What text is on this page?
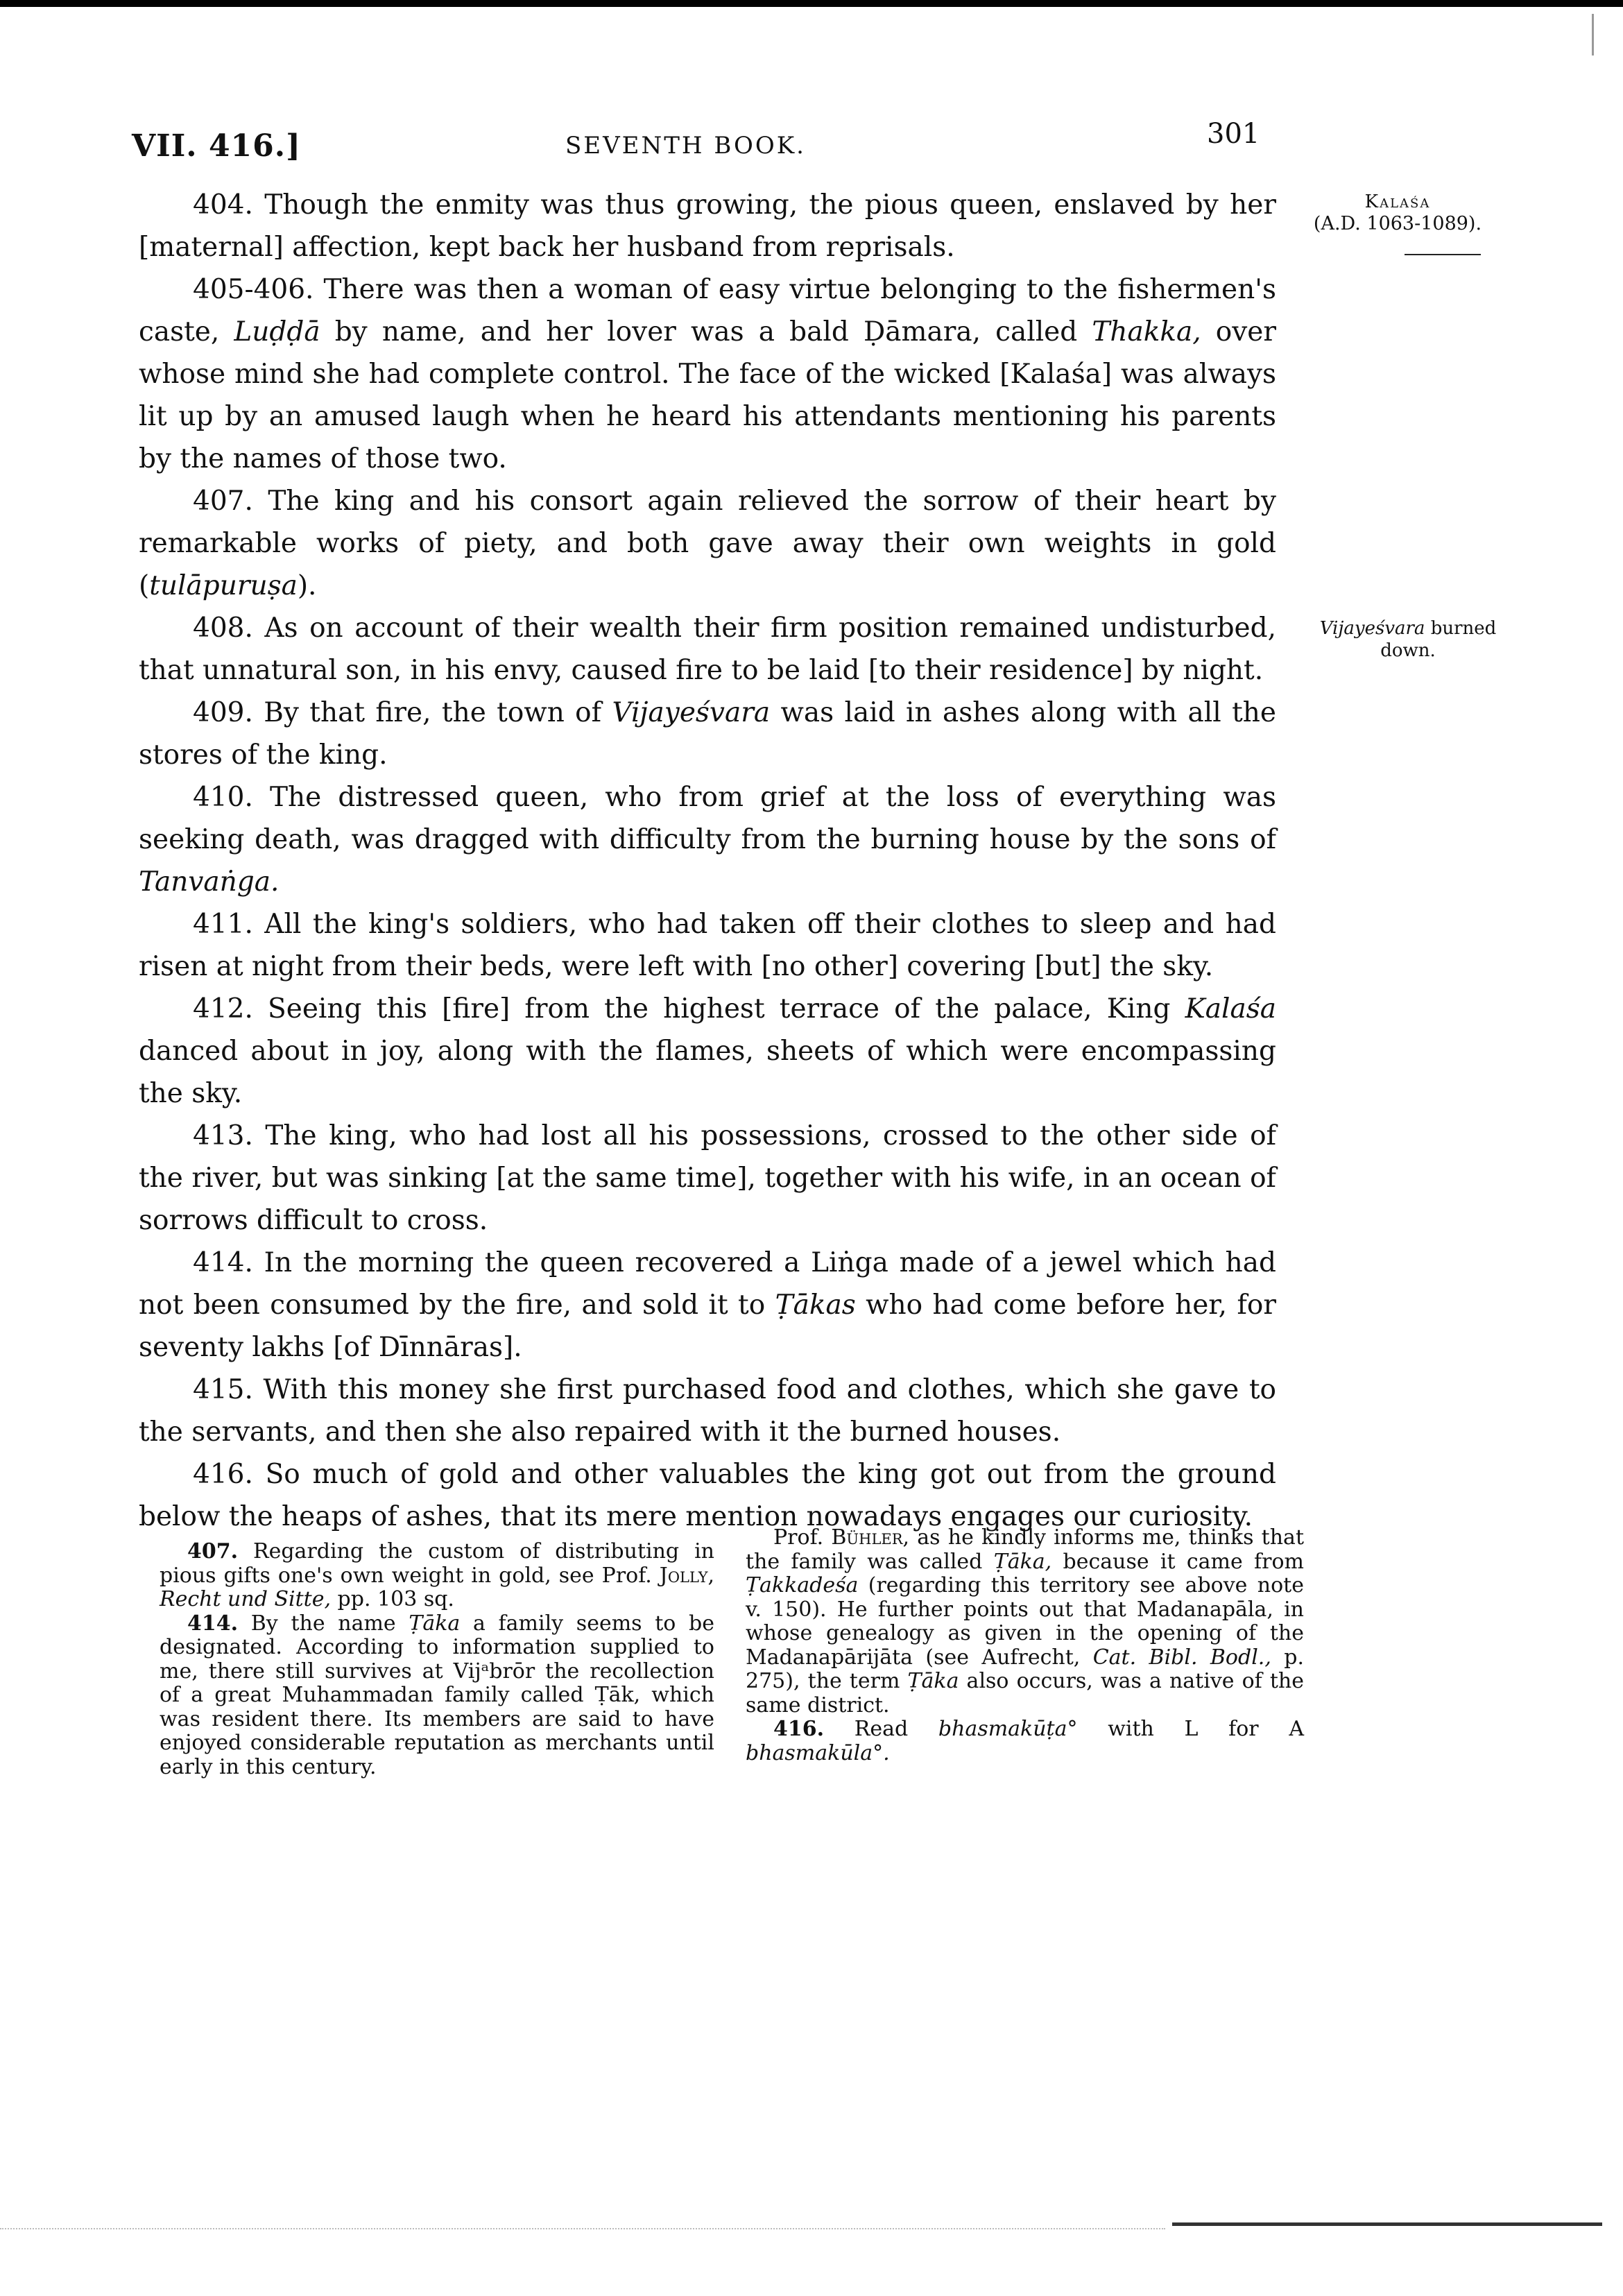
VII. 416.]	SEVENTH BOOK.	301
Kalaśa
(A.D. 1063-1089).
Vijayeśvara burned down.

404. Though the enmity was thus growing, the pious queen, enslaved by her [maternal] affection, kept back her husband from reprisals.

405-406. There was then a woman of easy virtue belonging to the fishermen's caste, Luḍḍā by name, and her lover was a bald Ḍāmara, called Thakka, over whose mind she had complete control. The face of the wicked [Kalaśa] was always lit up by an amused laugh when he heard his attendants mentioning his parents by the names of those two.

407. The king and his consort again relieved the sorrow of their heart by remarkable works of piety, and both gave away their own weights in gold (tulāpuruṣa).

408. As on account of their wealth their firm position remained undisturbed, that unnatural son, in his envy, caused fire to be laid [to their residence] by night.

409. By that fire, the town of Vijayeśvara was laid in ashes along with all the stores of the king.

410. The distressed queen, who from grief at the loss of everything was seeking death, was dragged with difficulty from the burning house by the sons of Tanvaṅga.

411. All the king's soldiers, who had taken off their clothes to sleep and had risen at night from their beds, were left with [no other] covering [but] the sky.

412. Seeing this [fire] from the highest terrace of the palace, King Kalaśa danced about in joy, along with the flames, sheets of which were encompassing the sky.

413. The king, who had lost all his possessions, crossed to the other side of the river, but was sinking [at the same time], together with his wife, in an ocean of sorrows difficult to cross.

414. In the morning the queen recovered a Liṅga made of a jewel which had not been consumed by the fire, and sold it to Ṭākas who had come before her, for seventy lakhs [of Dīnnāras].

415. With this money she first purchased food and clothes, which she gave to the servants, and then she also repaired with it the burned houses.

416. So much of gold and other valuables the king got out from the ground below the heaps of ashes, that its mere mention nowadays engages our curiosity.

407. Regarding the custom of distributing in pious gifts one's own weight in gold, see Prof. Jolly, Recht und Sitte, pp. 103 sq.

414. By the name Ṭāka a family seems to be designated. According to information supplied to me, there still survives at Vijᵃbrōr the recollection of a great Muhammadan family called Ṭāk, which was resident there. Its members are said to have enjoyed considerable reputation as merchants until early in this century.

Prof. Bühler, as he kindly informs me, thinks that the family was called Ṭāka, because it came from Ṭakkadeśa (regarding this territory see above note v. 150). He further points out that Madanapāla, in whose genealogy as given in the opening of the Madanapārijāta (see Aufrecht, Cat. Bibl. Bodl., p. 275), the term Ṭāka also occurs, was a native of the same district.

416. Read bhasmakūṭa° with L for A bhasmakūla°.
